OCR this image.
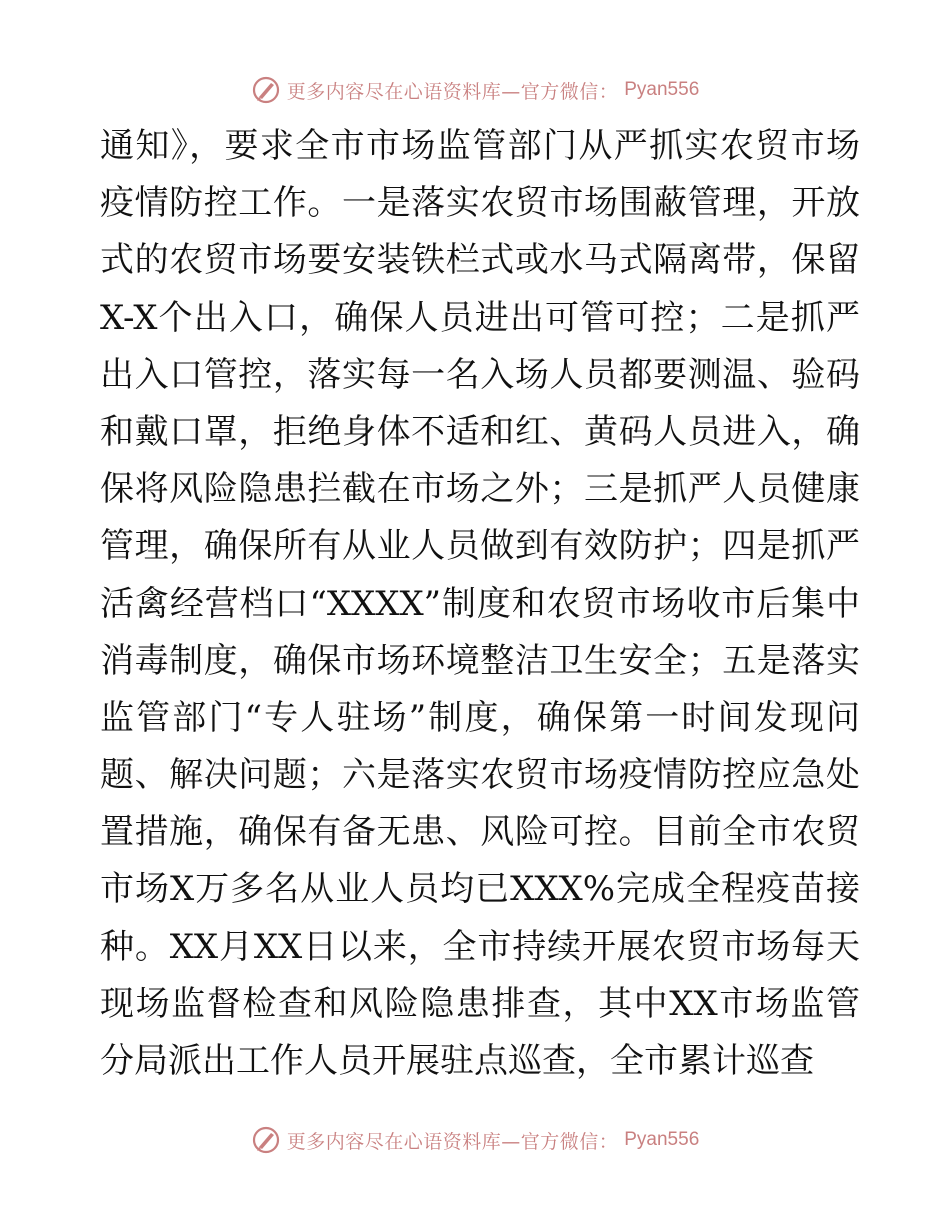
更多内容尽在心语资料库—官方微信： Pyan556
通知》，要求全市市场监管部门从严抓实农贸市场
疫情防控工作。一是落实农贸市场围蔽管理，开放
式的农贸市场要安装铁栏式或水马式隔离带，保留
X-X个出入口，确保人员进出可管可控；二是抓严
出入口管控，落实每一名入场人员都要测温、验码
和戴口罩，拒绝身体不适和红、黄码人员进入，确
保将风险隐患拦截在市场之外；三是抓严人员健康
管理，确保所有从业人员做到有效防护；四是抓严
活禽经营档口“XXXX”制度和农贸市场收市后集中
消毒制度，确保市场环境整洁卫生安全；五是落实
监管部门“专人驻场”制度，确保第一时间发现问
题、解决问题；六是落实农贸市场疫情防控应急处
置措施，确保有备无患、风险可控。目前全市农贸
市场X万多名从业人员均已XXX%完成全程疫苗接
种。XX月XX日以来，全市持续开展农贸市场每天
现场监督检查和风险隐患排查，其中XX市场监管
分局派出工作人员开展驻点巡查，全市累计巡查
更多内容尽在心语资料库—官方微信： Pyan556
